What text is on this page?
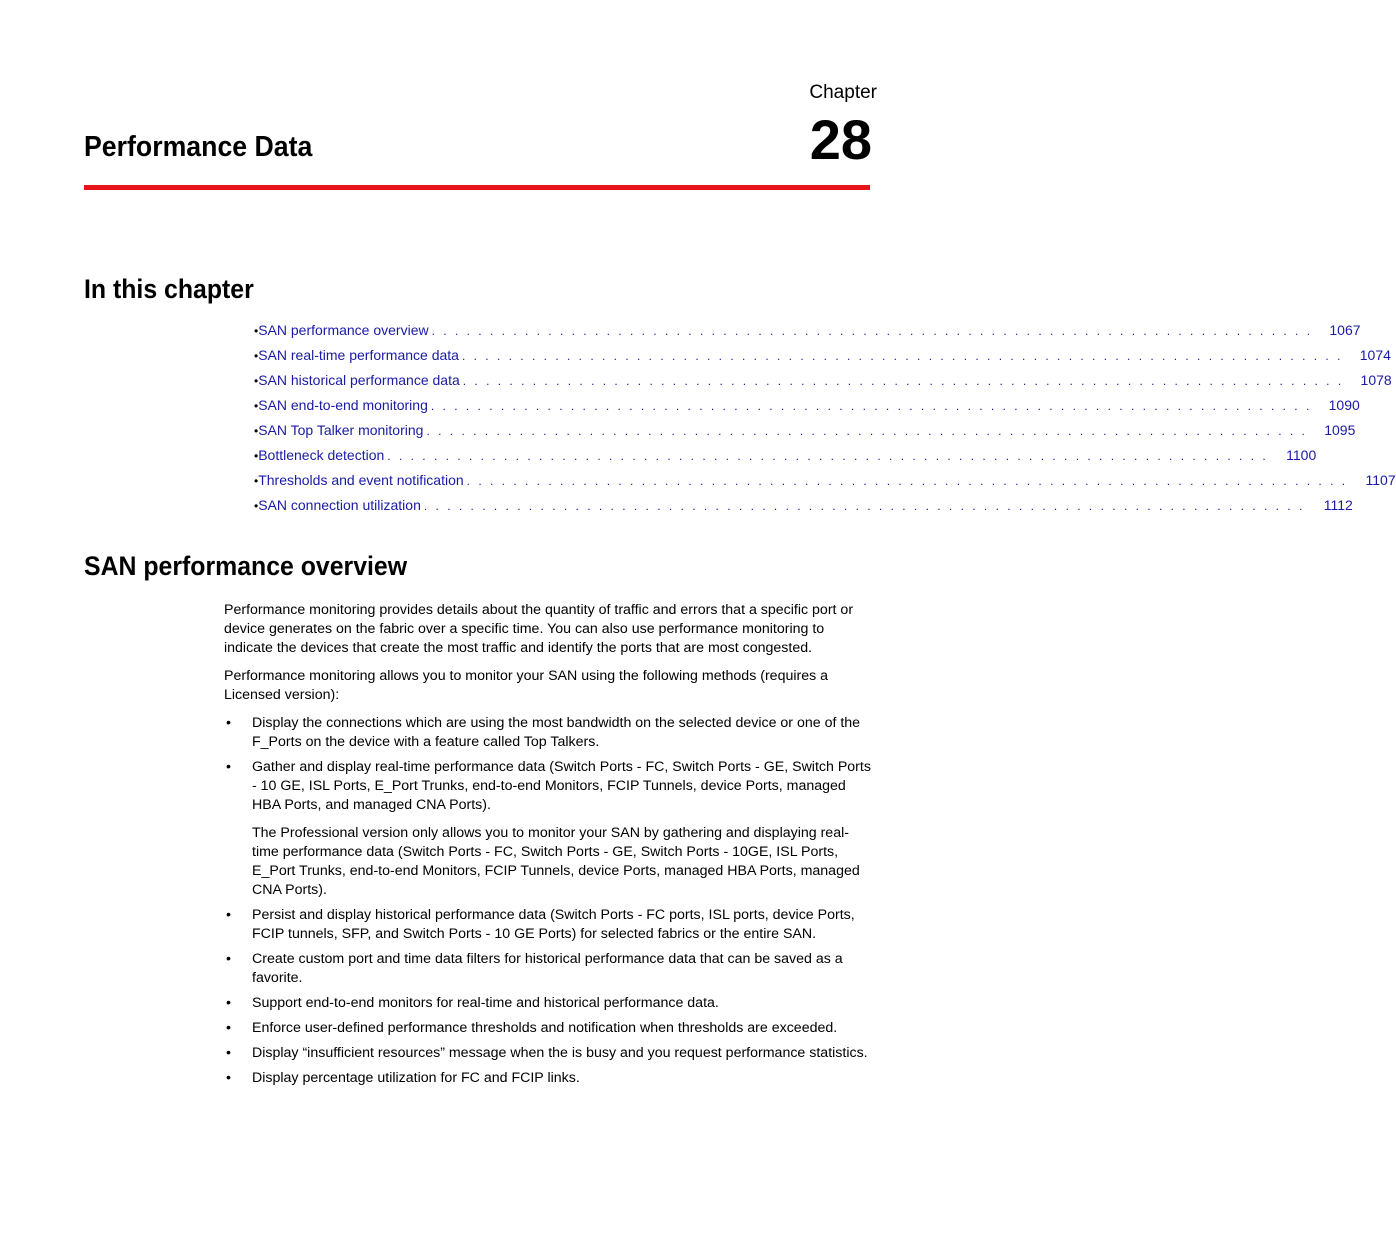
Chapter
28
Performance Data
In this chapter
• SAN performance overview . . .	1067
• SAN real-time performance data . . .	1074
• SAN historical performance data . . .	1078
• SAN end-to-end monitoring . . .	1090
• SAN Top Talker monitoring . . .	1095
• Bottleneck detection . . .	1100
• Thresholds and event notification . . .	1107
• SAN connection utilization . . .	1112
SAN performance overview

Performance monitoring provides details about the quantity of traffic and errors that a specific port or device generates on the fabric over a specific time. You can also use performance monitoring to indicate the devices that create the most traffic and identify the ports that are most congested.

Performance monitoring allows you to monitor your SAN using the following methods (requires a Licensed version):

• Display the connections which are using the most bandwidth on the selected device or one of the F_Ports on the device with a feature called Top Talkers.

• Gather and display real-time performance data (Switch Ports - FC, Switch Ports - GE, Switch Ports - 10 GE, ISL Ports, E_Port Trunks, end-to-end Monitors, FCIP Tunnels, device Ports, managed HBA Ports, and managed CNA Ports).

The Professional version only allows you to monitor your SAN by gathering and displaying real-time performance data (Switch Ports - FC, Switch Ports - GE, Switch Ports - 10GE, ISL Ports, E_Port Trunks, end-to-end Monitors, FCIP Tunnels, device Ports, managed HBA Ports, managed CNA Ports).

• Persist and display historical performance data (Switch Ports - FC ports, ISL ports, device Ports, FCIP tunnels, SFP, and Switch Ports - 10 GE Ports) for selected fabrics or the entire SAN.

• Create custom port and time data filters for historical performance data that can be saved as a favorite.

• Support end-to-end monitors for real-time and historical performance data.

• Enforce user-defined performance thresholds and notification when thresholds are exceeded.

• Display “insufficient resources” message when the is busy and you request performance statistics.

• Display percentage utilization for FC and FCIP links.
